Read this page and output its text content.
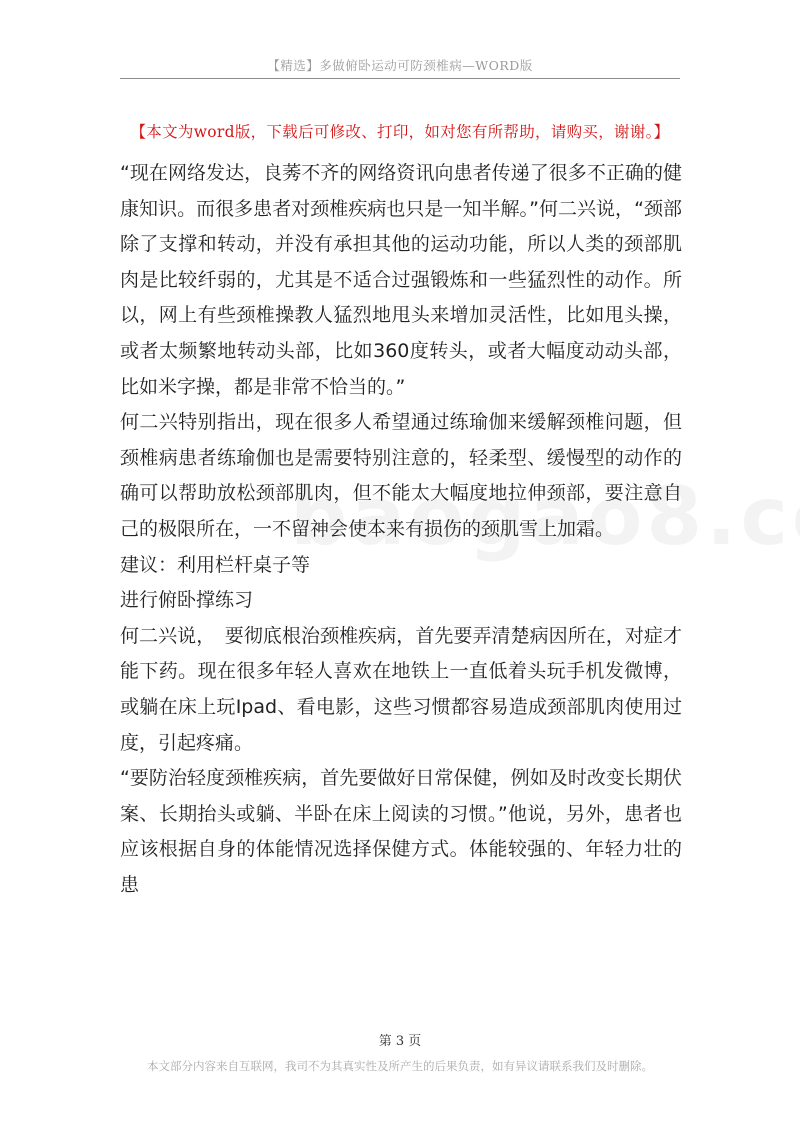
【精选】多做俯卧运动可防颈椎病—WORD版
【本文为word版，下载后可修改、打印，如对您有所帮助，请购买，谢谢。】

“现在网络发达，良莠不齐的网络资讯向患者传递了很多不正确的健康知识。而很多患者对颈椎疾病也只是一知半解。”何二兴说，“颈部除了支撑和转动，并没有承担其他的运动功能，所以人类的颈部肌肉是比较纤弱的，尤其是不适合过强锻炼和一些猛烈性的动作。所以，网上有些颈椎操教人猛烈地甩头来增加灵活性，比如甩头操，或者太频繁地转动头部，比如360度转头，或者大幅度动动头部，比如米字操，都是非常不恰当的。”

何二兴特别指出，现在很多人希望通过练瑜伽来缓解颈椎问题，但颈椎病患者练瑜伽也是需要特别注意的，轻柔型、缓慢型的动作的确可以帮助放松颈部肌肉，但不能太大幅度地拉伸颈部，要注意自己的极限所在，一不留神会使本来有损伤的颈肌雪上加霜。

建议：利用栏杆桌子等

进行俯卧撑练习

何二兴说，　要彻底根治颈椎疾病，首先要弄清楚病因所在，对症才能下药。现在很多年轻人喜欢在地铁上一直低着头玩手机发微博，或躺在床上玩Ipad、看电影，这些习惯都容易造成颈部肌肉使用过度，引起疼痛。

“要防治轻度颈椎疾病，首先要做好日常保健，例如及时改变长期伏案、长期抬头或躺、半卧在床上阅读的习惯。”他说，另外，患者也应该根据自身的体能情况选择保健方式。体能较强的、年轻力壮的患

第 3 页
本文部分内容来自互联网，我司不为其真实性及所产生的后果负责，如有异议请联系我们及时删除。
